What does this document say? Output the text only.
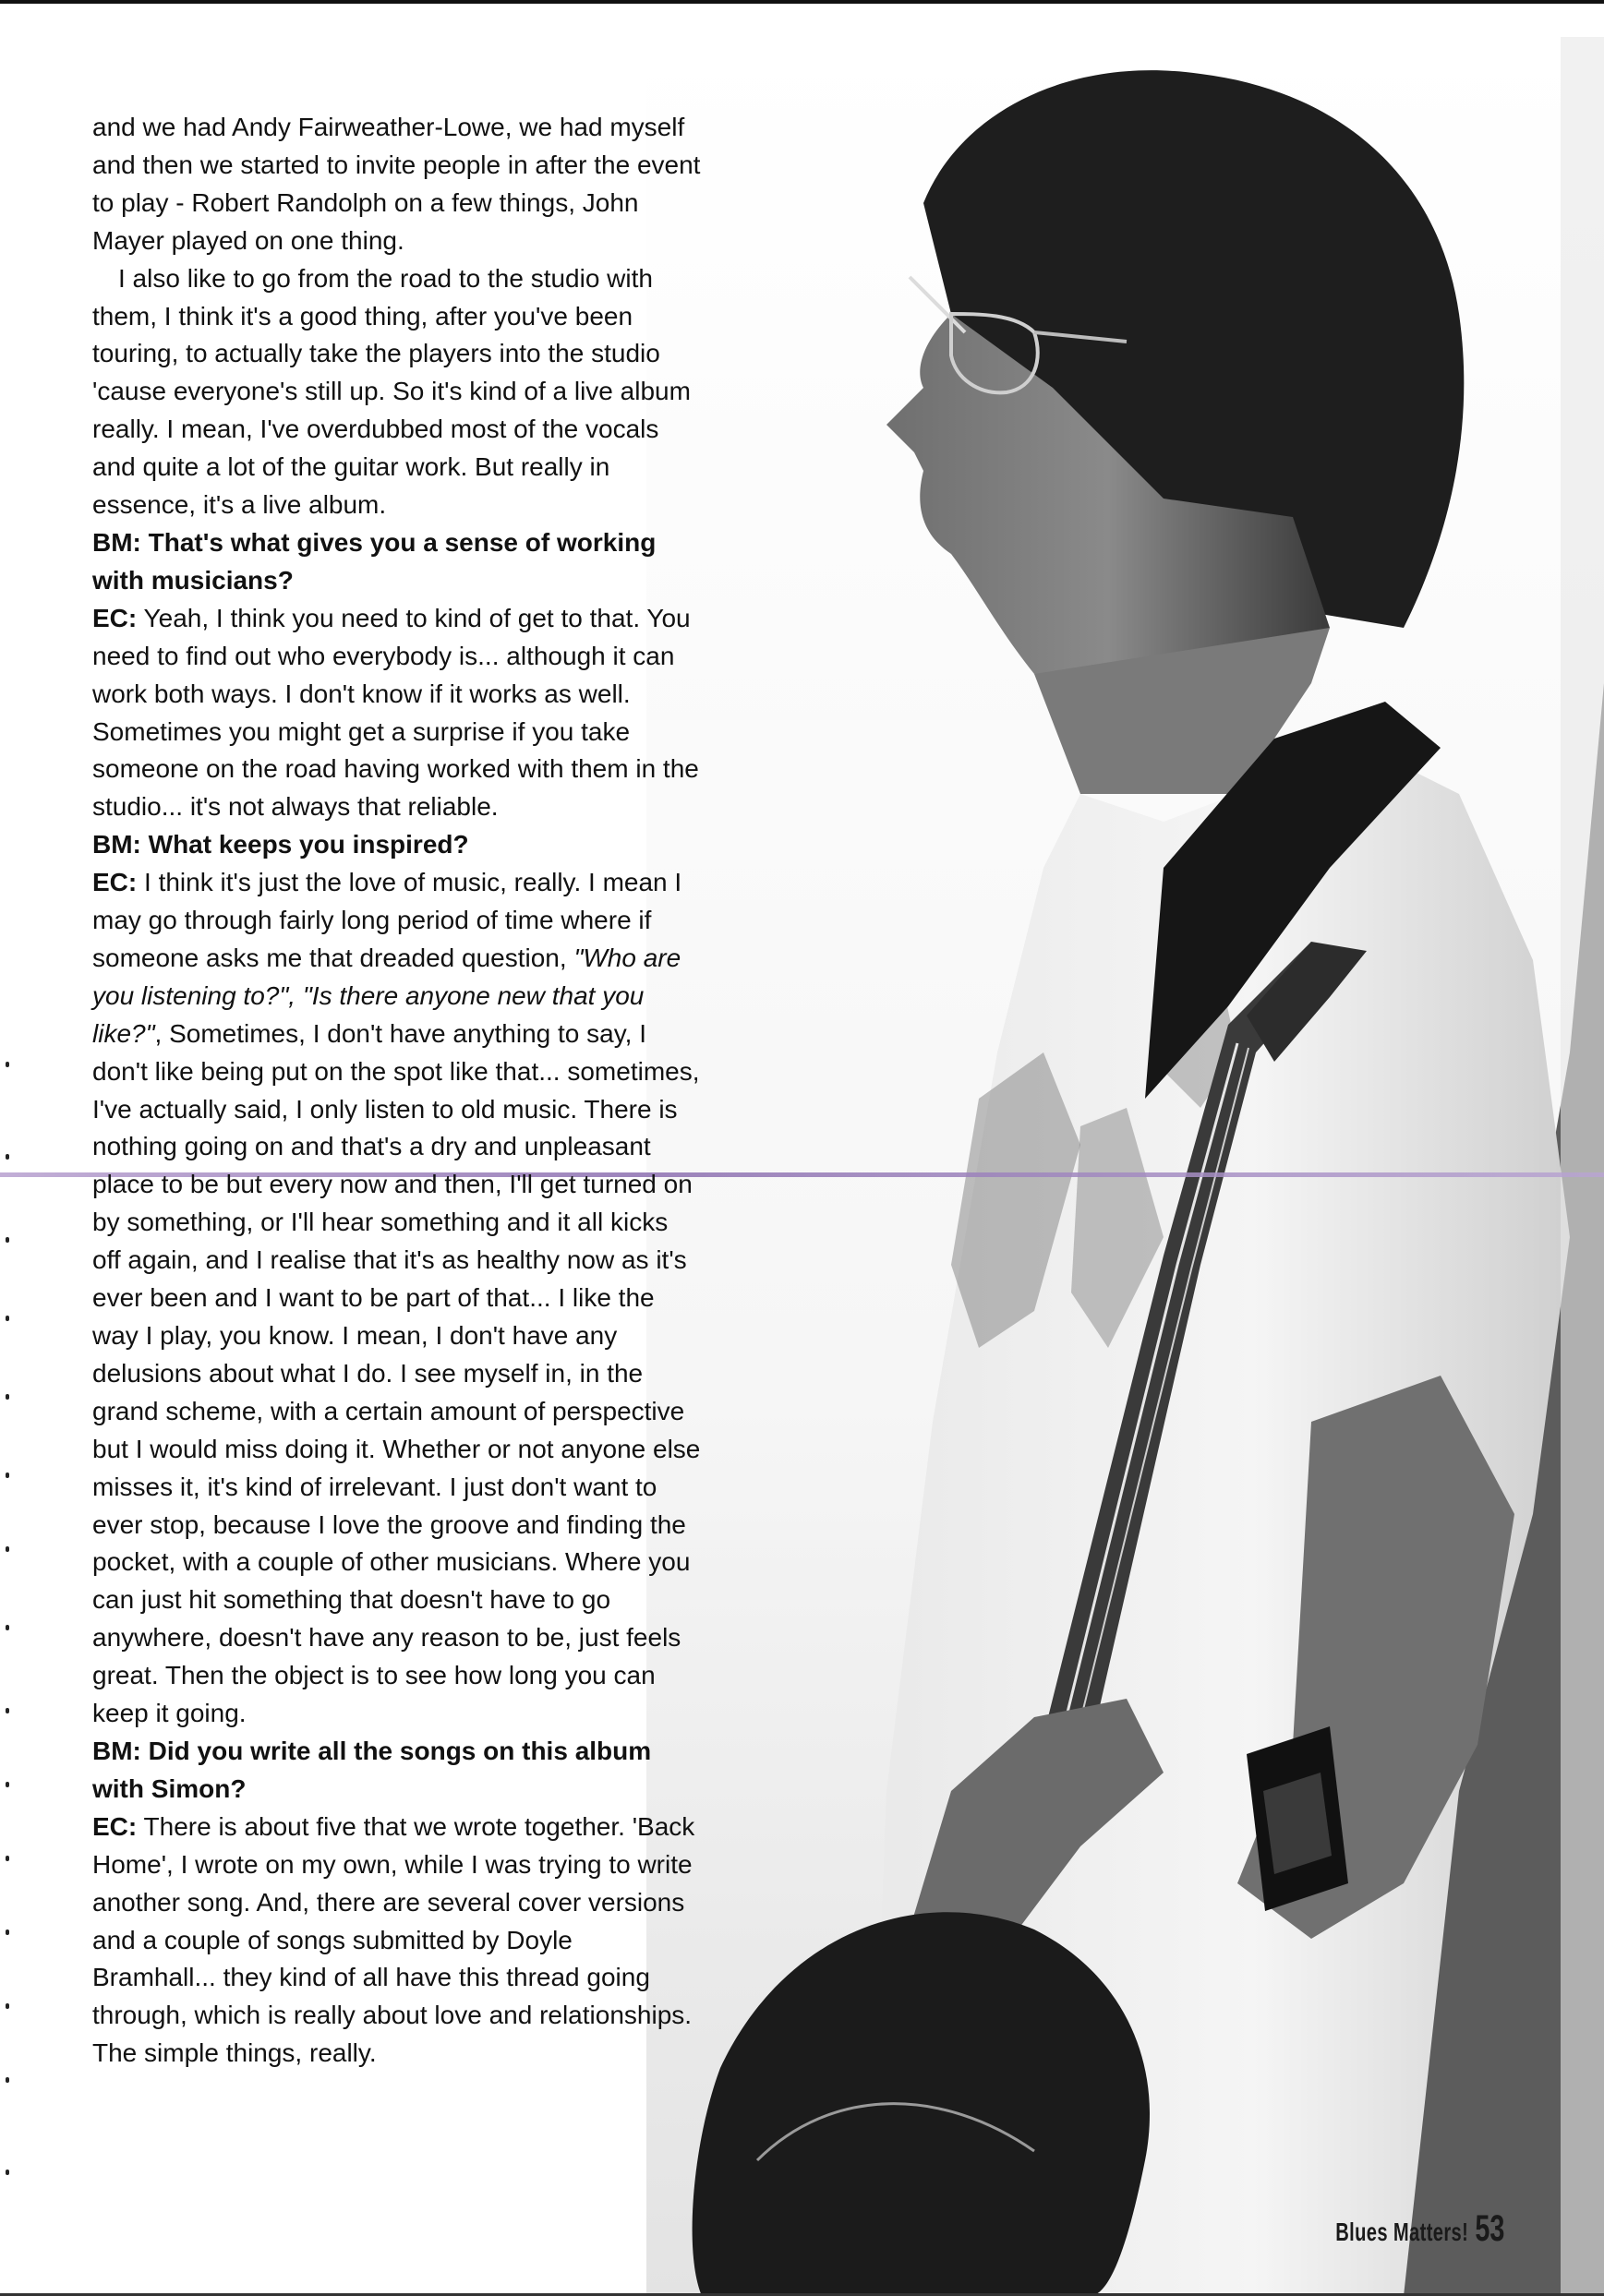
and we had Andy Fairweather-Lowe, we had myself and then we started to invite people in after the event to play - Robert Randolph on a few things, John Mayer played on one thing.

I also like to go from the road to the studio with them, I think it's a good thing, after you've been touring, to actually take the players into the studio 'cause everyone's still up. So it's kind of a live album really. I mean, I've overdubbed most of the vocals and quite a lot of the guitar work. But really in essence, it's a live album.

BM: That's what gives you a sense of working with musicians?

EC: Yeah, I think you need to kind of get to that. You need to find out who everybody is... although it can work both ways. I don't know if it works as well. Sometimes you might get a surprise if you take someone on the road having worked with them in the studio... it's not always that reliable.

BM: What keeps you inspired?

EC: I think it's just the love of music, really. I mean I may go through fairly long period of time where if someone asks me that dreaded question, "Who are you listening to?", "Is there anyone new that you like?", Sometimes, I don't have anything to say, I don't like being put on the spot like that... sometimes, I've actually said, I only listen to old music. There is nothing going on and that's a dry and unpleasant place to be but every now and then, I'll get turned on by something, or I'll hear something and it all kicks off again, and I realise that it's as healthy now as it's ever been and I want to be part of that... I like the way I play, you know. I mean, I don't have any delusions about what I do. I see myself in, in the grand scheme, with a certain amount of perspective but I would miss doing it. Whether or not anyone else misses it, it's kind of irrelevant. I just don't want to ever stop, because I love the groove and finding the pocket, with a couple of other musicians. Where you can just hit something that doesn't have to go anywhere, doesn't have any reason to be, just feels great. Then the object is to see how long you can keep it going.

BM: Did you write all the songs on this album with Simon?

EC: There is about five that we wrote together. 'Back Home', I wrote on my own, while I was trying to write another song. And, there are several cover versions and a couple of songs submitted by Doyle Bramhall... they kind of all have this thread going through, which is really about love and relationships. The simple things, really.

Blues Matters! 53
